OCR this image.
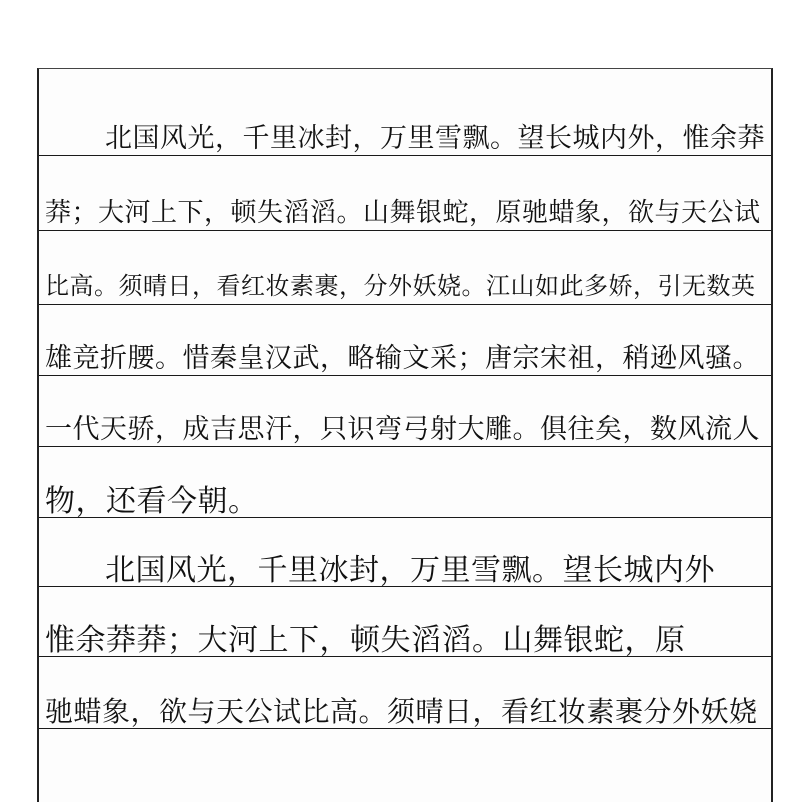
北国风光，千里冰封，万里雪飘。望长城内外，惟余莽
莽；大河上下，顿失滔滔。山舞银蛇，原驰蜡象，欲与天公试
比高。须晴日，看红妆素裹，分外妖娆。江山如此多娇，引无数英
雄竞折腰。惜秦皇汉武，略输文采；唐宗宋祖，稍逊风骚。
一代天骄，成吉思汗，只识弯弓射大雕。俱往矣，数风流人
物，还看今朝。
北国风光，千里冰封，万里雪飘。望长城内外
惟余莽莽；大河上下，顿失滔滔。山舞银蛇，原
驰蜡象，欲与天公试比高。须晴日，看红妆素裹分外妖娆
